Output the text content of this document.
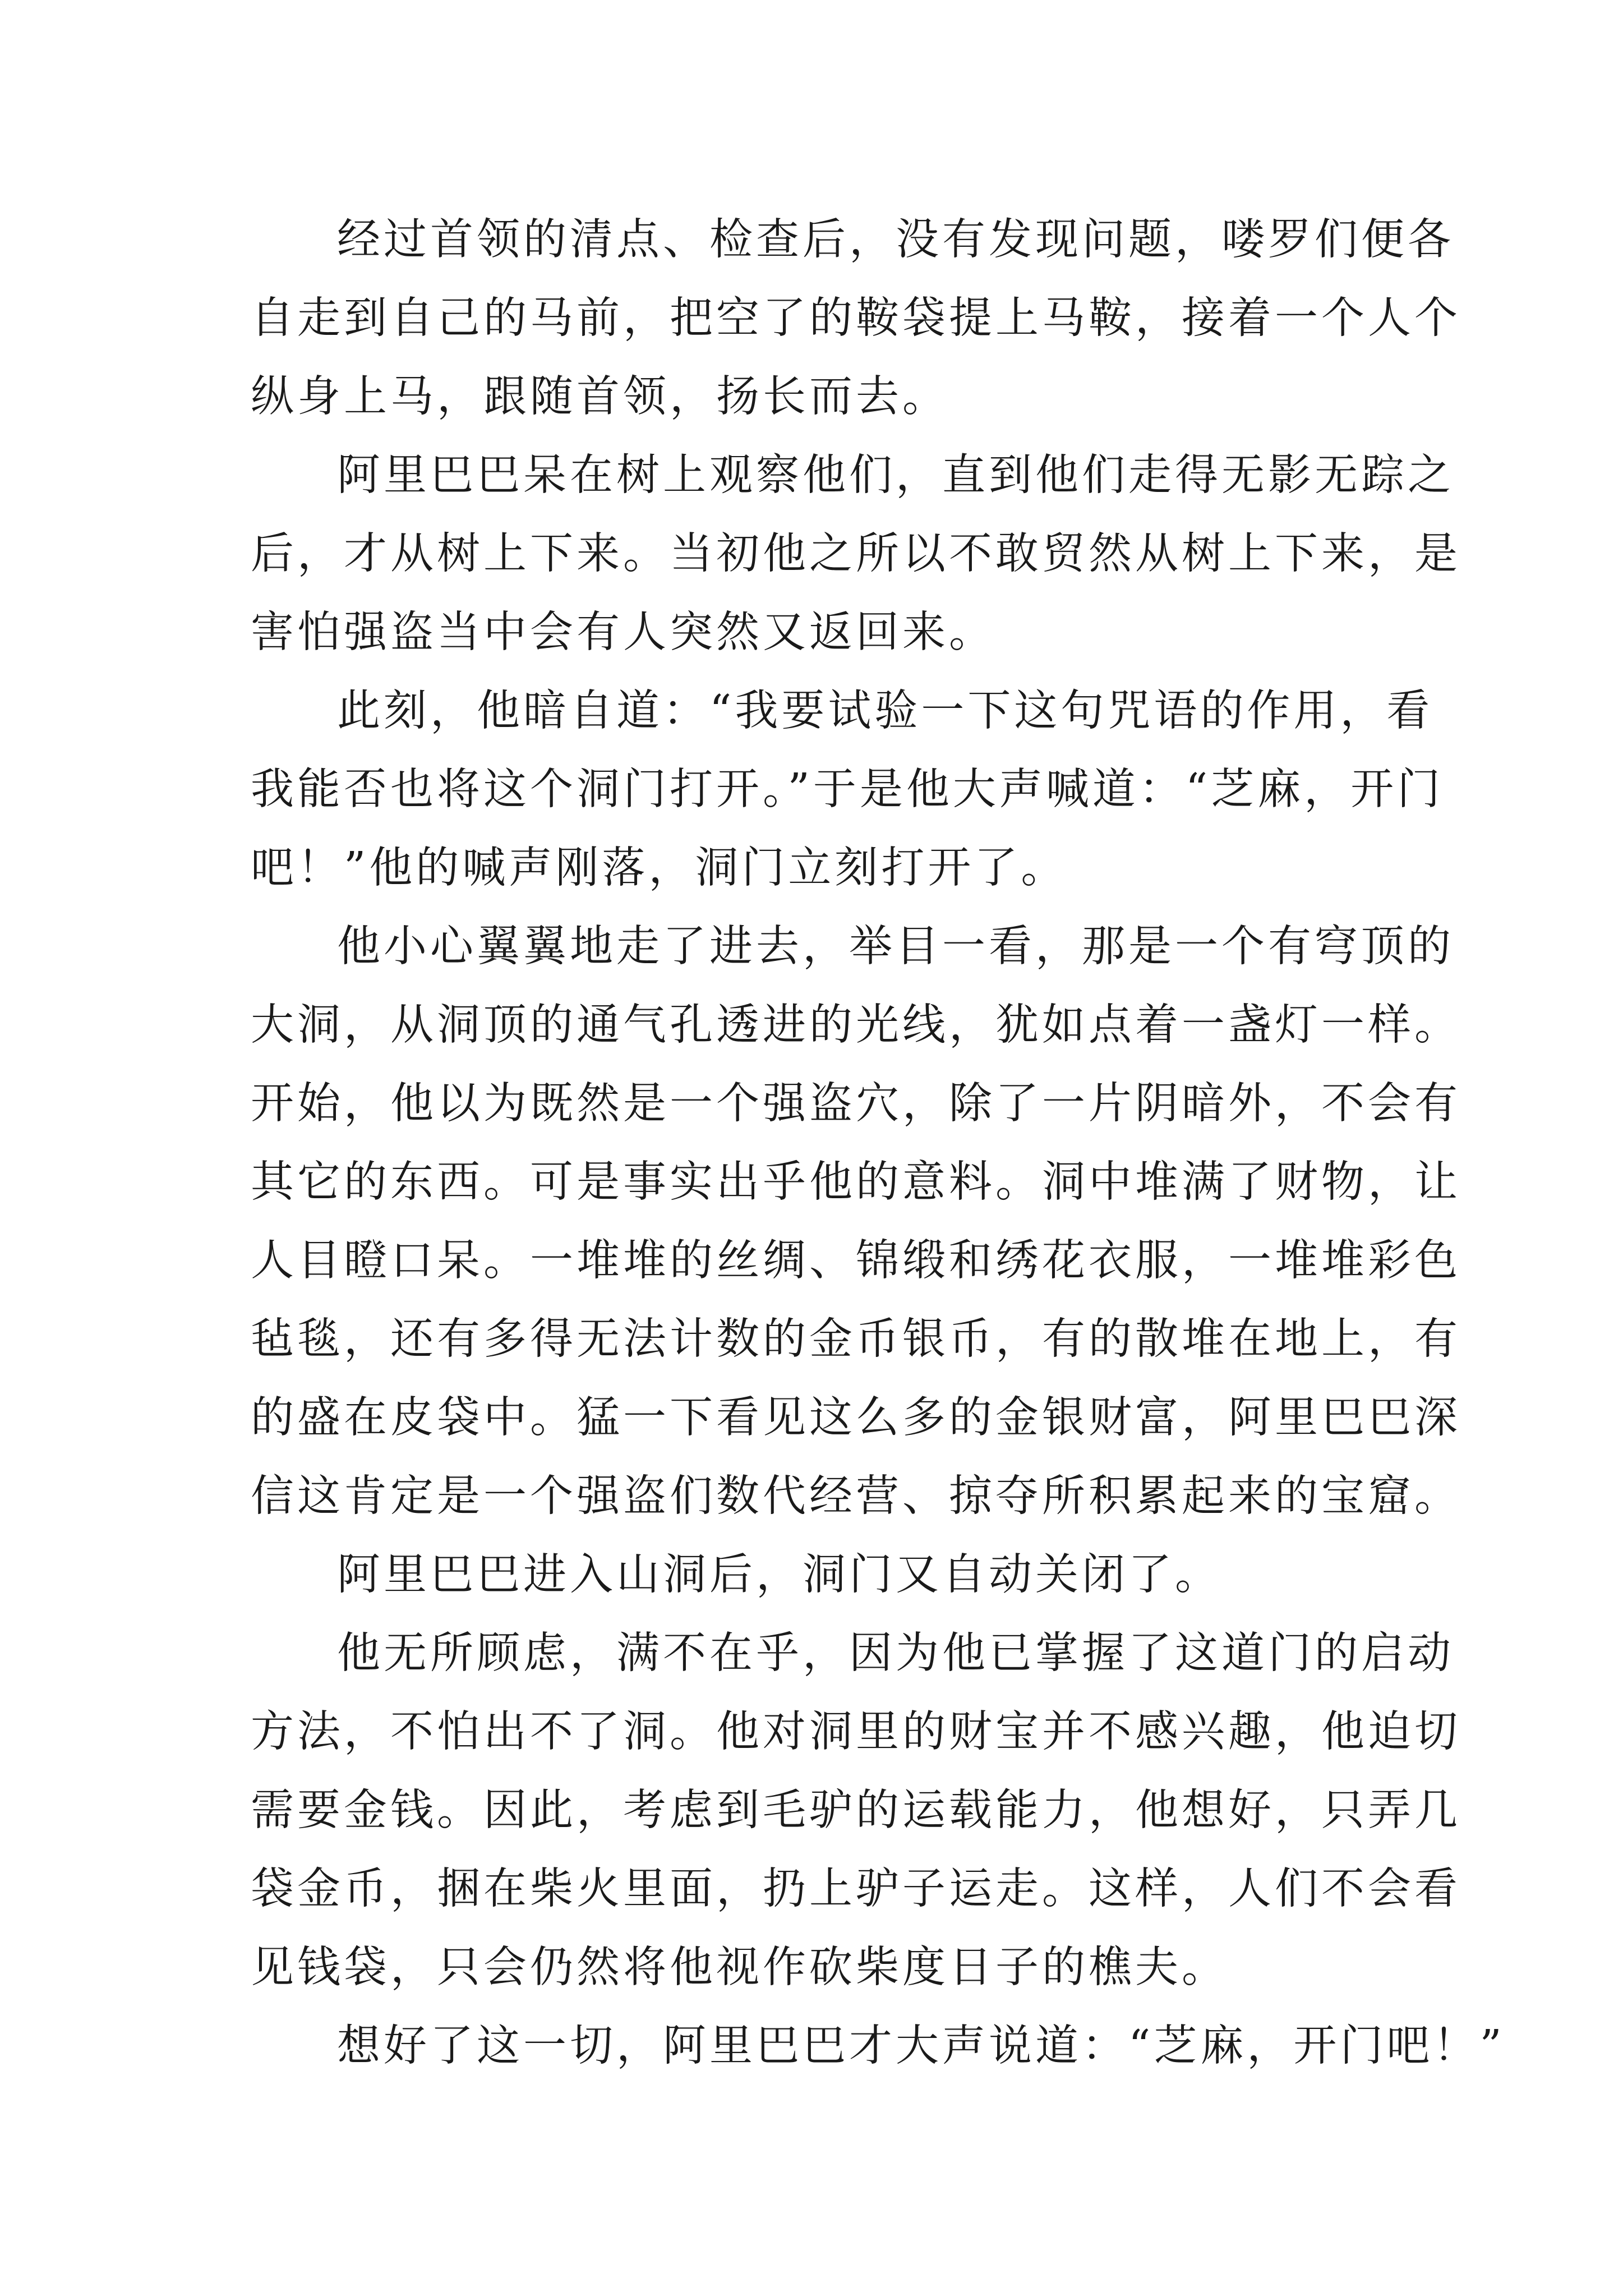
经过首领的清点、检查后，没有发现问题，喽罗们便各
自走到自己的马前，把空了的鞍袋提上马鞍，接着一个人个
纵身上马，跟随首领，扬长而去。
阿里巴巴呆在树上观察他们，直到他们走得无影无踪之
后，才从树上下来。当初他之所以不敢贸然从树上下来，是
害怕强盗当中会有人突然又返回来。
此刻，他暗自道：“我要试验一下这句咒语的作用，看
我能否也将这个洞门打开。”于是他大声喊道：“芝麻，开门
吧！”他的喊声刚落，洞门立刻打开了。
他小心翼翼地走了进去，举目一看，那是一个有穹顶的
大洞，从洞顶的通气孔透进的光线，犹如点着一盏灯一样。
开始，他以为既然是一个强盗穴，除了一片阴暗外，不会有
其它的东西。可是事实出乎他的意料。洞中堆满了财物，让
人目瞪口呆。一堆堆的丝绸、锦缎和绣花衣服，一堆堆彩色
毡毯，还有多得无法计数的金币银币，有的散堆在地上，有
的盛在皮袋中。猛一下看见这么多的金银财富，阿里巴巴深
信这肯定是一个强盗们数代经营、掠夺所积累起来的宝窟。
阿里巴巴进入山洞后，洞门又自动关闭了。
他无所顾虑，满不在乎，因为他已掌握了这道门的启动
方法，不怕出不了洞。他对洞里的财宝并不感兴趣，他迫切
需要金钱。因此，考虑到毛驴的运载能力，他想好，只弄几
袋金币，捆在柴火里面，扔上驴子运走。这样，人们不会看
见钱袋，只会仍然将他视作砍柴度日子的樵夫。
想好了这一切，阿里巴巴才大声说道：“芝麻，开门吧！”
